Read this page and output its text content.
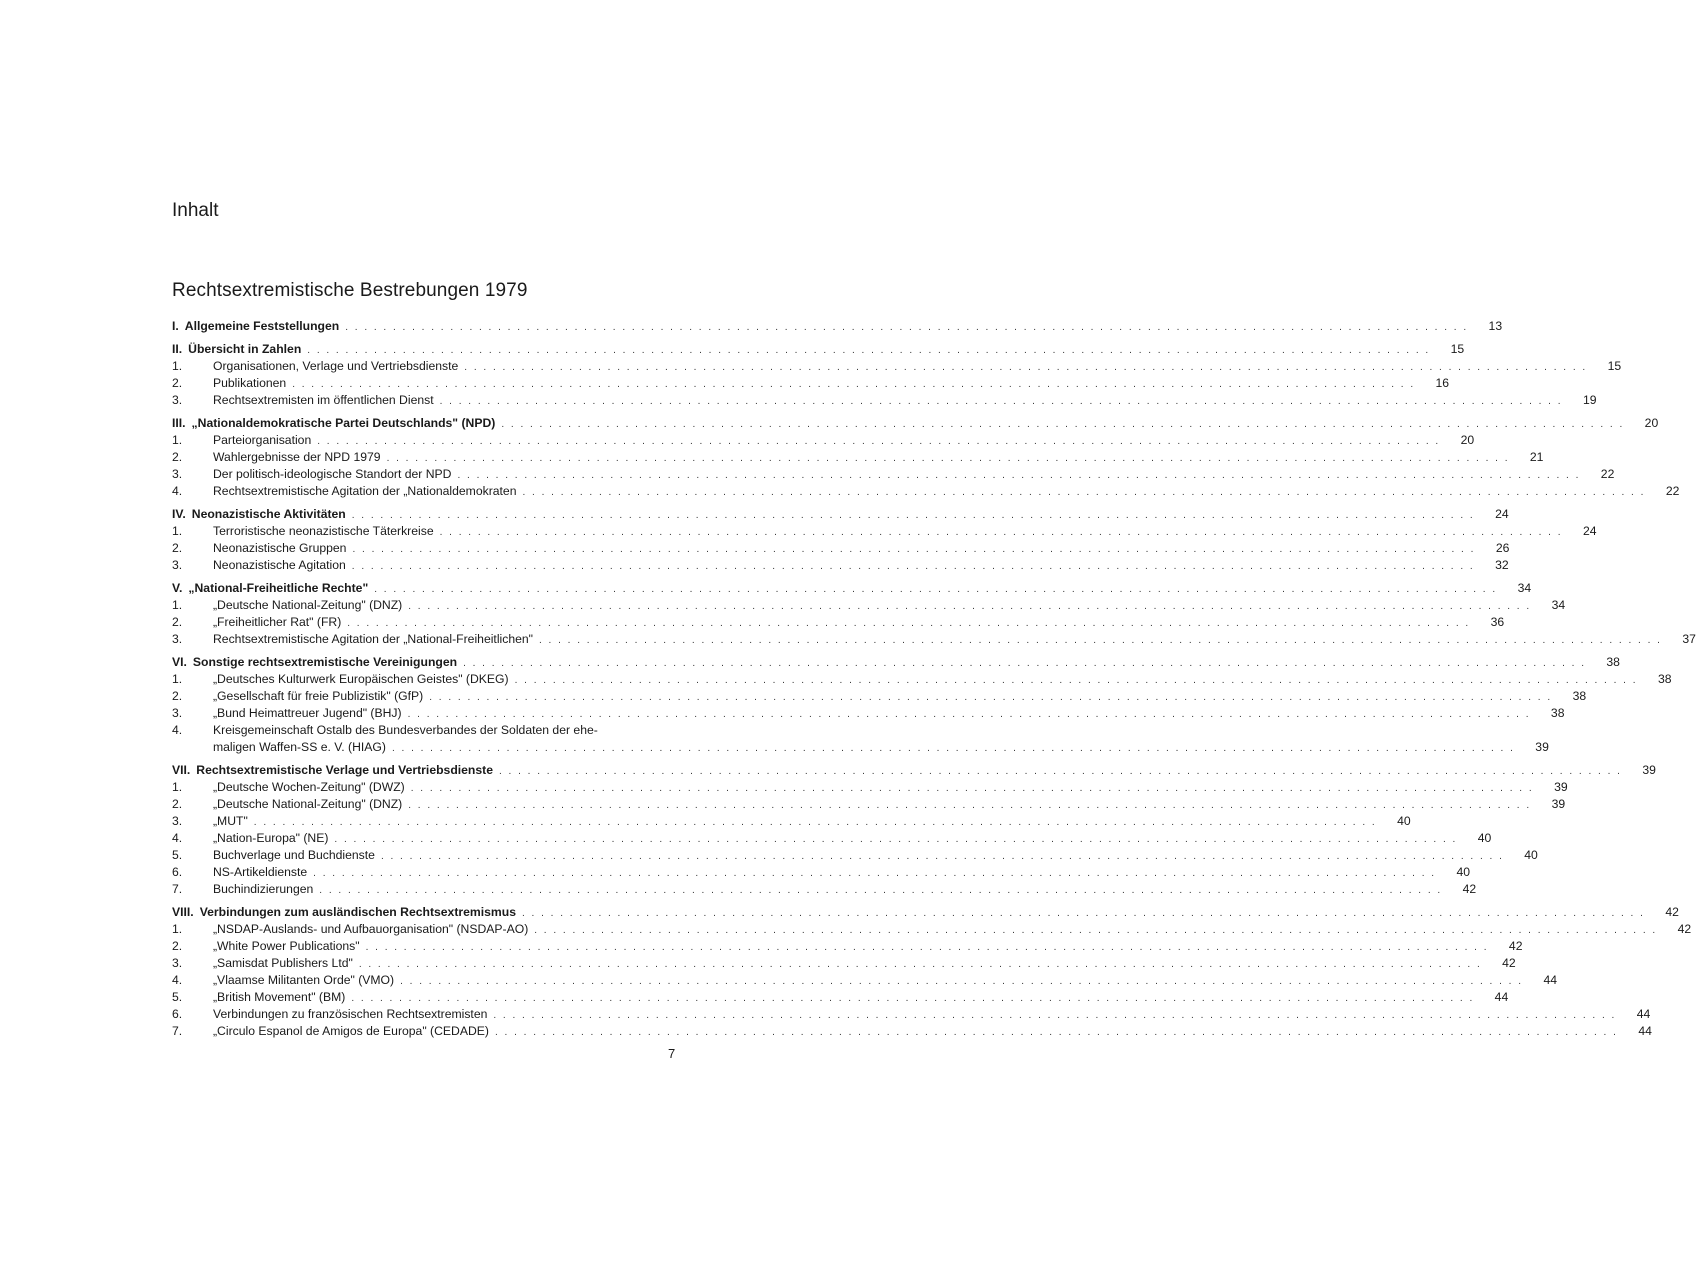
Inhalt
Rechtsextremistische Bestrebungen 1979
I. Allgemeine Feststellungen . . .	13
II. Übersicht in Zahlen . . .	15
1.	Organisationen, Verlage und Vertriebsdienste . . .	15
2.	Publikationen . . .	16
3.	Rechtsextremisten im öffentlichen Dienst . . .	19
III. „Nationaldemokratische Partei Deutschlands" (NPD) . . .	20
1.	Parteiorganisation . . .	20
2.	Wahlergebnisse der NPD 1979 . . .	21
3.	Der politisch-ideologische Standort der NPD . . .	22
4.	Rechtsextremistische Agitation der „Nationaldemokraten . . .	22
IV. Neonazistische Aktivitäten . . .	24
1.	Terroristische neonazistische Täterkreise . . .	24
2.	Neonazistische Gruppen . . .	26
3.	Neonazistische Agitation . . .	32
V. „National-Freiheitliche Rechte" . . .	34
1.	„Deutsche National-Zeitung" (DNZ) . . .	34
2.	„Freiheitlicher Rat" (FR) . . .	36
3.	Rechtsextremistische Agitation der „National-Freiheitlichen" . . .	37
VI. Sonstige rechtsextremistische Vereinigungen . . .	38
1.	„Deutsches Kulturwerk Europäischen Geistes" (DKEG) . . .	38
2.	„Gesellschaft für freie Publizistik" (GfP) . . .	38
3.	„Bund Heimattreuer Jugend" (BHJ) . . .	38
4.	Kreisgemeinschaft Ostalb des Bundesverbandes der Soldaten der ehe-
maligen Waffen-SS e. V. (HIAG) . . .	39
VII. Rechtsextremistische Verlage und Vertriebsdienste . . .	39
1.	„Deutsche Wochen-Zeitung" (DWZ) . . .	39
2.	„Deutsche National-Zeitung" (DNZ) . . .	39
3.	„MUT" . . .	40
4.	„Nation-Europa" (NE) . . .	40
5.	Buchverlage und Buchdienste . . .	40
6.	NS-Artikeldienste . . .	40
7.	Buchindizierungen . . .	42
VIII. Verbindungen zum ausländischen Rechtsextremismus . . .	42
1.	„NSDAP-Auslands- und Aufbauorganisation" (NSDAP-AO) . . .	42
2.	„White Power Publications" . . .	42
3.	„Samisdat Publishers Ltd" . . .	42
4.	„Vlaamse Militanten Orde" (VMO) . . .	44
5.	„British Movement" (BM) . . .	44
6.	Verbindungen zu französischen Rechtsextremisten . . .	44
7.	„Circulo Espanol de Amigos de Europa" (CEDADE) . . .	44
7
